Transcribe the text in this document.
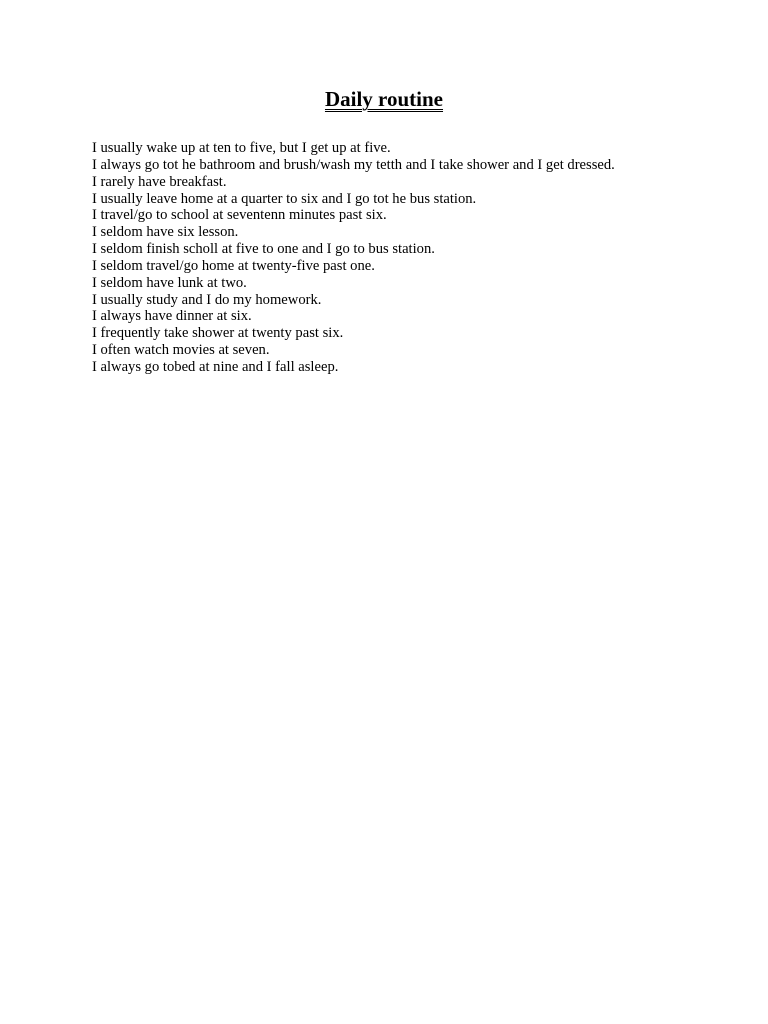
Daily routine
I usually wake up at ten to five, but I get up at five.
I always go tot he bathroom and brush/wash my tetth and I take shower and I get dressed.
I rarely have breakfast.
I usually leave home at a quarter to six and I go tot he bus station.
I travel/go to school at seventenn minutes past six.
I seldom have six lesson.
I seldom finish scholl at five to one and I go to bus station.
I seldom travel/go home at twenty-five past one.
I seldom have lunk at two.
I usually study and I do my homework.
I always have dinner at six.
I frequently take shower at twenty past six.
I often watch movies at seven.
I always go tobed at nine and I fall asleep.
